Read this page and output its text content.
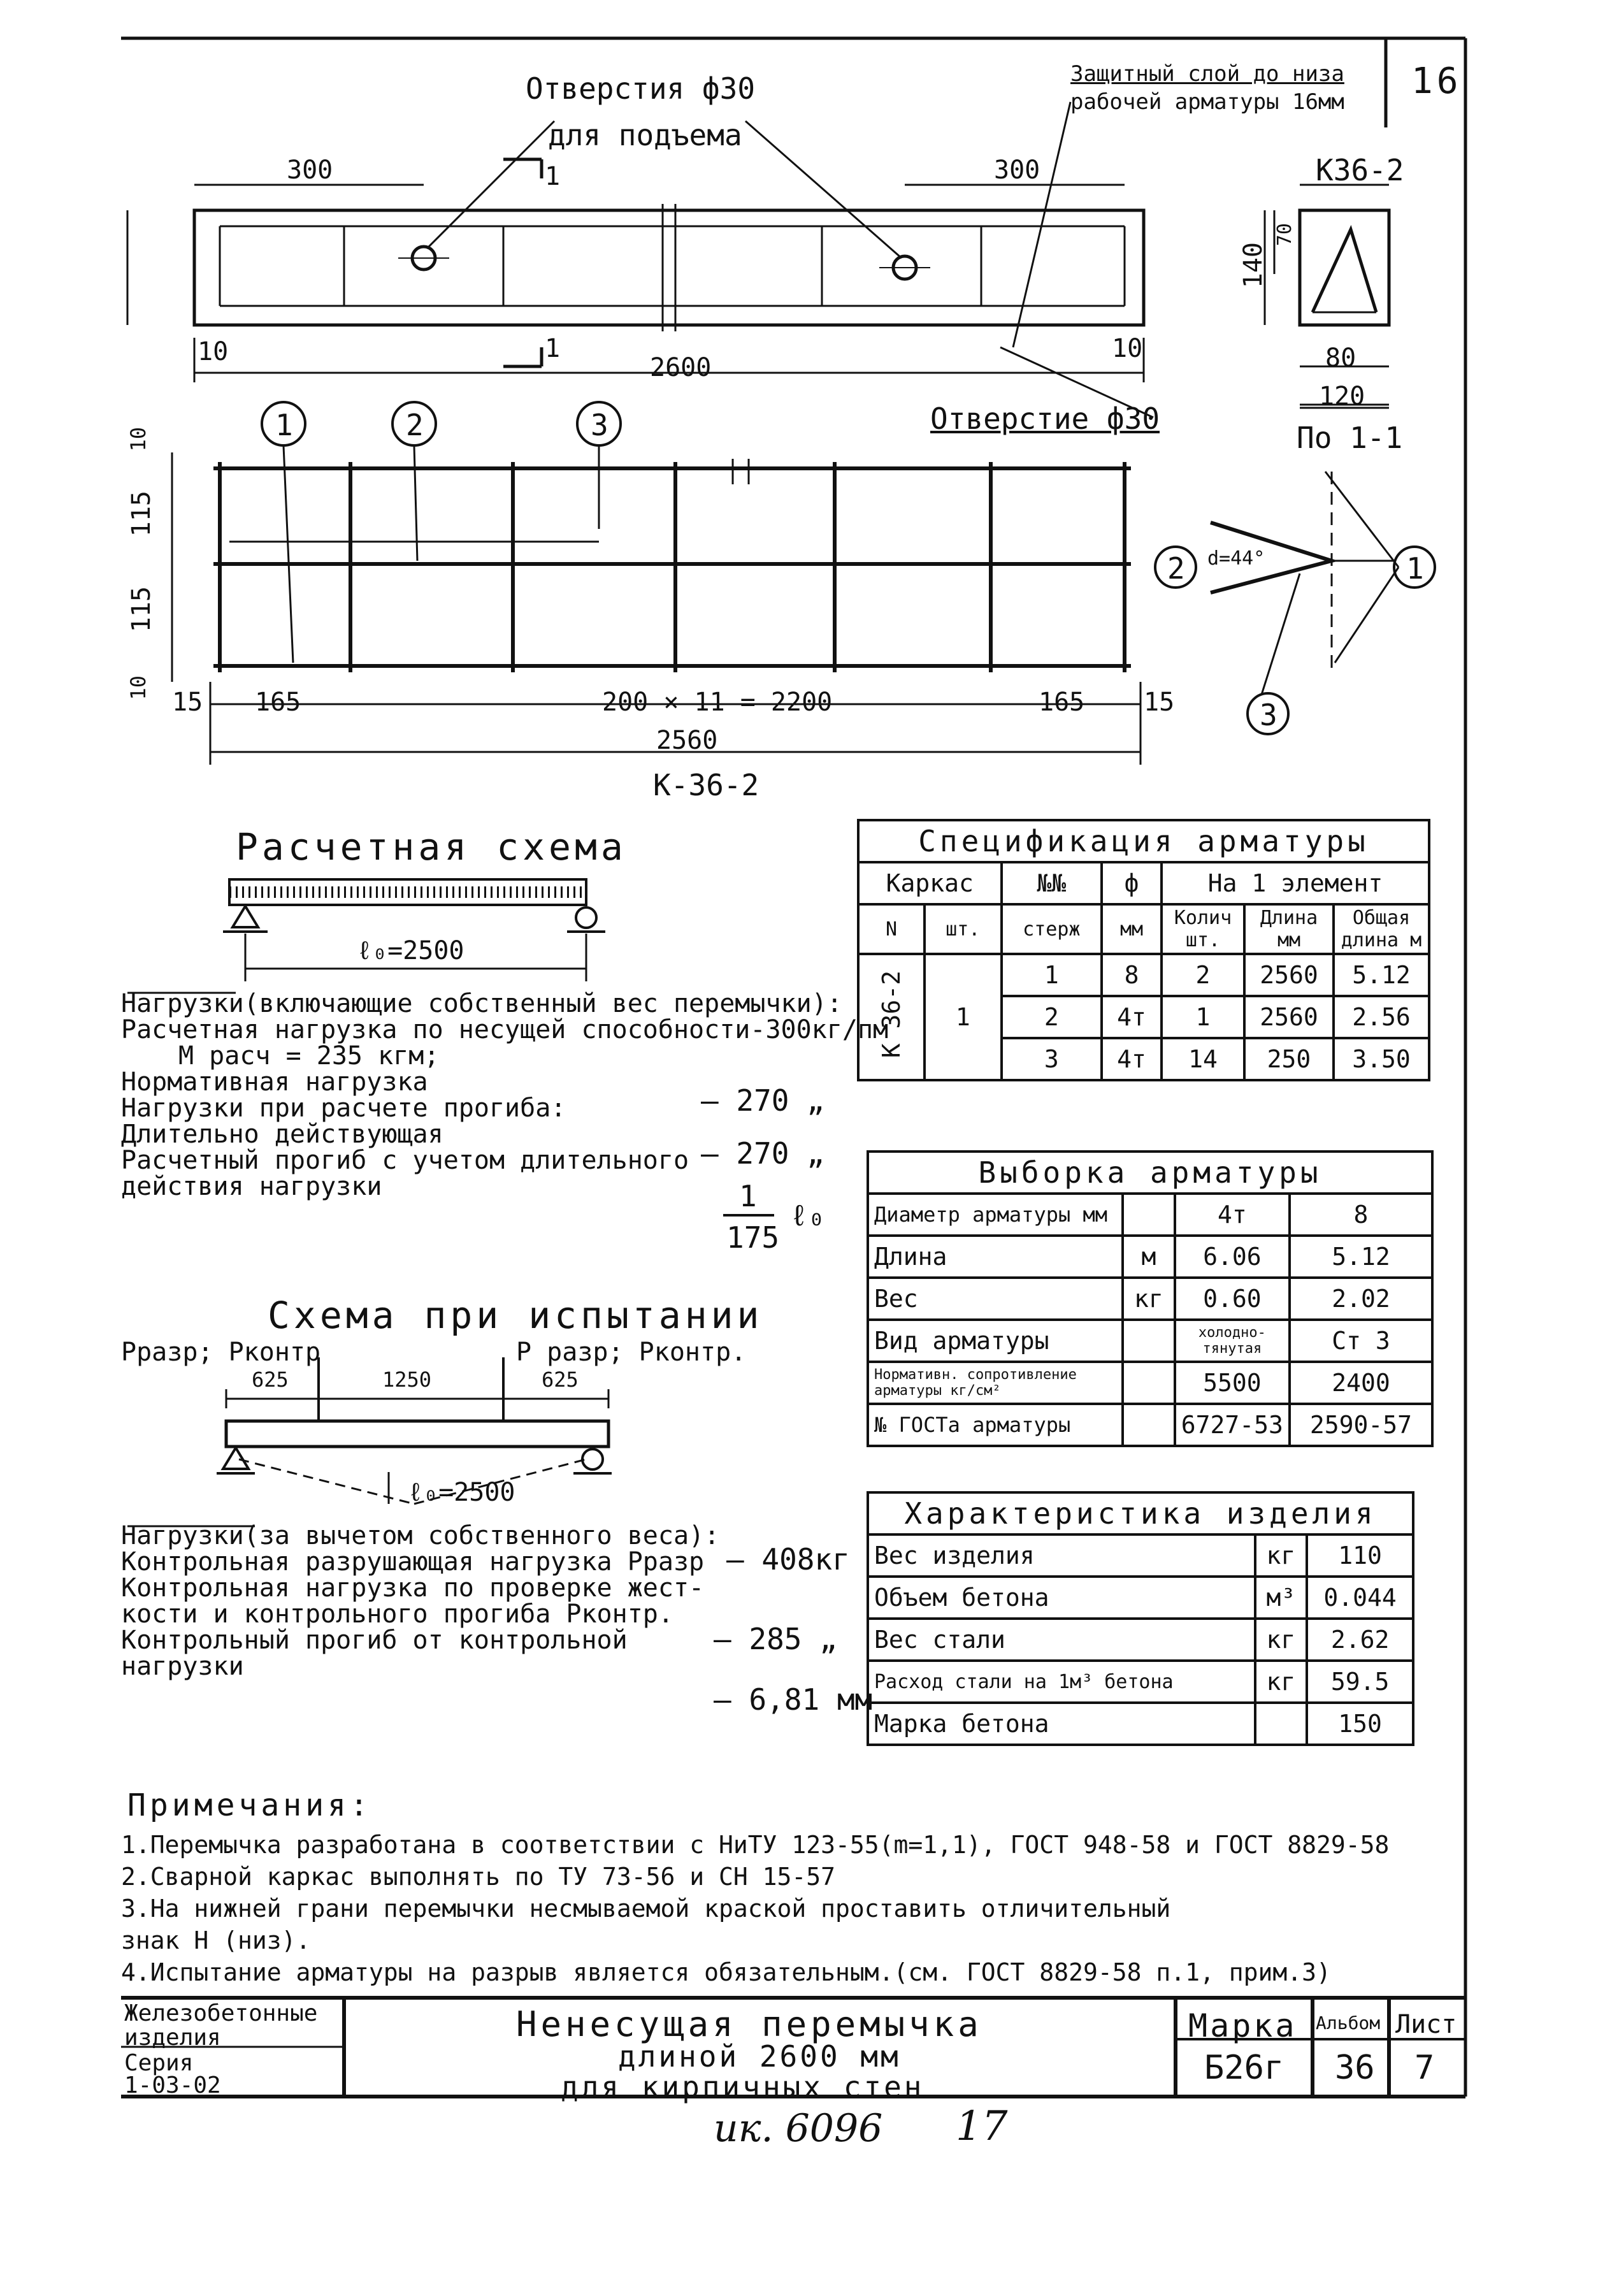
16
Защитный слой до низа
рабочей арматуры 16мм
Отверстия ф30
для подъема
300	300
1
1
10	10
2600
Отверстие ф30
К36-2
140
70
80
120
По 1-1
1	2	3
10
115
115
10 15 165	200 × 11 = 2200	165 15
2560
К-36-2
2	1
3
d=44°
Расчетная схема
ℓ₀=2500
Нагрузки(включающие собственный вес перемычки):
Расчетная нагрузка по несущей способности-300кг/пм
М расч = 235 кгм;
Нормативная нагрузка
Нагрузки при расчете прогиба:
Длительно действующая
Расчетный прогиб с учетом длительного
действия нагрузки
— 270 „
— 270 „
1
175
ℓ₀
Схема при испытании
Pразр; Pконтр	P разр; Pконтр.
625	1250	625
ℓ₀=2500
Нагрузки(за вычетом собственного веса):
Контрольная разрушающая нагрузка Pразр
Контрольная нагрузка по проверке жест-
кости и контрольного прогиба Pконтр.
Контрольный прогиб от контрольной
нагрузки
— 408кг
— 285 „
— 6,81 мм
Спецификация арматуры						
Каркас		№№	ф	На 1 элемент		
N	шт.	стерж	мм	Колич шт.	Длина мм	Общая длина м
К 36-2	1	1	8	2	2560	5.12
		2	4т	1	2560	2.56
		3	4т	14	250	3.50
Выборка арматуры			
Диаметр арматуры мм		4т	8
Длина	м	6.06	5.12
Вес	кг	0.60	2.02
Вид арматуры		холодно-тянутая	Ст 3
Нормативн. сопротивление арматуры кг/см²		5500	2400
№ ГОСТа арматуры		6727-53	2590-57
Характеристика изделия		
Вес изделия	кг	110
Объем бетона	м³	0.044
Вес стали	кг	2.62
Расход стали на 1м³ бетона	кг	59.5
Марка бетона		150
Примечания:
1.Перемычка разработана в соответствии с НиТУ 123-55(m=1,1), ГОСТ 948-58 и ГОСТ 8829-58
2.Сварной каркас выполнять по ТУ 73-56 и СН 15-57
3.На нижней грани перемычки несмываемой краской проставить отличительный
знак Н (низ).
4.Испытание арматуры на разрыв является обязательным.(см. ГОСТ 8829-58 п.1, прим.3)
Железобетонные
изделия
Серия
1-03-02
Ненесущая перемычка
длиной 2600 мм
для кирпичных стен
Марка Альбом Лист
Б26г 36 7
ик. 6096 17
